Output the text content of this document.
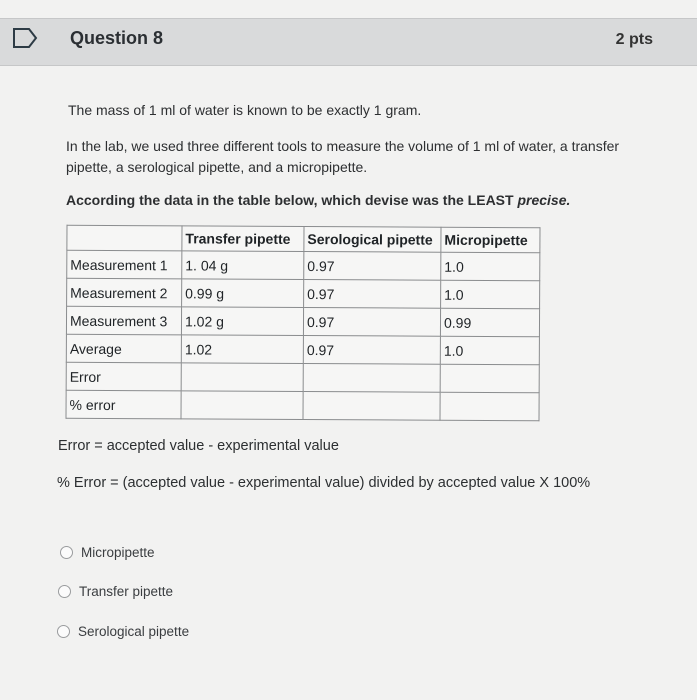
Question 8	2 pts
The mass of 1 ml of water is known to be exactly 1 gram.
In the lab, we used three different tools to measure the volume of 1 ml of water, a transfer pipette, a serological pipette, and a micropipette.
According the data in the table below, which devise was the LEAST precise.
	Transfer pipette	Serological pipette	Micropipette
Measurement 1	1. 04 g	0.97	1.0
Measurement 2	0.99 g	0.97	1.0
Measurement 3	1.02 g	0.97	0.99
Average	1.02	0.97	1.0
Error			
% error			
Error = accepted value - experimental value
% Error = (accepted value - experimental value) divided by accepted value X 100%
Micropipette
Transfer pipette
Serological pipette
